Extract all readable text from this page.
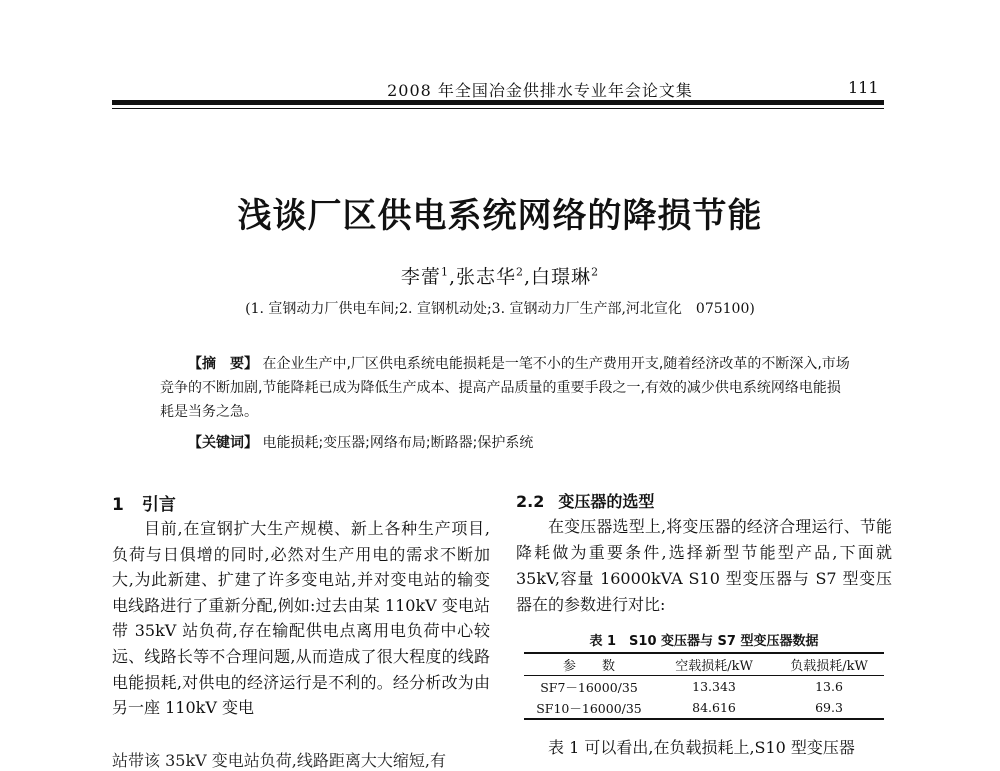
2008 年全国冶金供排水专业年会论文集	111
浅谈厂区供电系统网络的降损节能
李蕾$^1$,张志华$^2$,白璟琳$^2$
(1. 宣钢动力厂供电车间;2. 宣钢机动处;3. 宣钢动力厂生产部,河北宣化　075100)
【摘　要】 在企业生产中,厂区供电系统电能损耗是一笔不小的生产费用开支,随着经济改革的不断深入,市场竞争的不断加剧,节能降耗已成为降低生产成本、提高产品质量的重要手段之一,有效的减少供电系统网络电能损耗是当务之急。
【关键词】 电能损耗;变压器;网络布局;断路器;保护系统
1 引言
目前,在宣钢扩大生产规模、新上各种生产项目,负荷与日俱增的同时,必然对生产用电的需求不断加大,为此新建、扩建了许多变电站,并对变电站的输变电线路进行了重新分配,例如:过去由某 110kV 变电站带 35kV 站负荷,存在输配供电点离用电负荷中心较远、线路长等不合理问题,从而造成了很大程度的线路电能损耗,对供电的经济运行是不利的。经分析改为由另一座 110kV 变电
站带该 35kV 变电站负荷,线路距离大大缩短,有
2.2 变压器的选型
在变压器选型上,将变压器的经济合理运行、节能降耗做为重要条件,选择新型节能型产品,下面就 35kV,容量 16000kVA S10 型变压器与 S7 型变压器在的参数进行对比:
表 1　S10 变压器与 S7 型变压器数据
参　　数	空载损耗/kW	负载损耗/kW
SF7－16000/35	13.343	13.6
SF10－16000/35	84.616	69.3
表 1 可以看出,在负载损耗上,S10 型变压器
